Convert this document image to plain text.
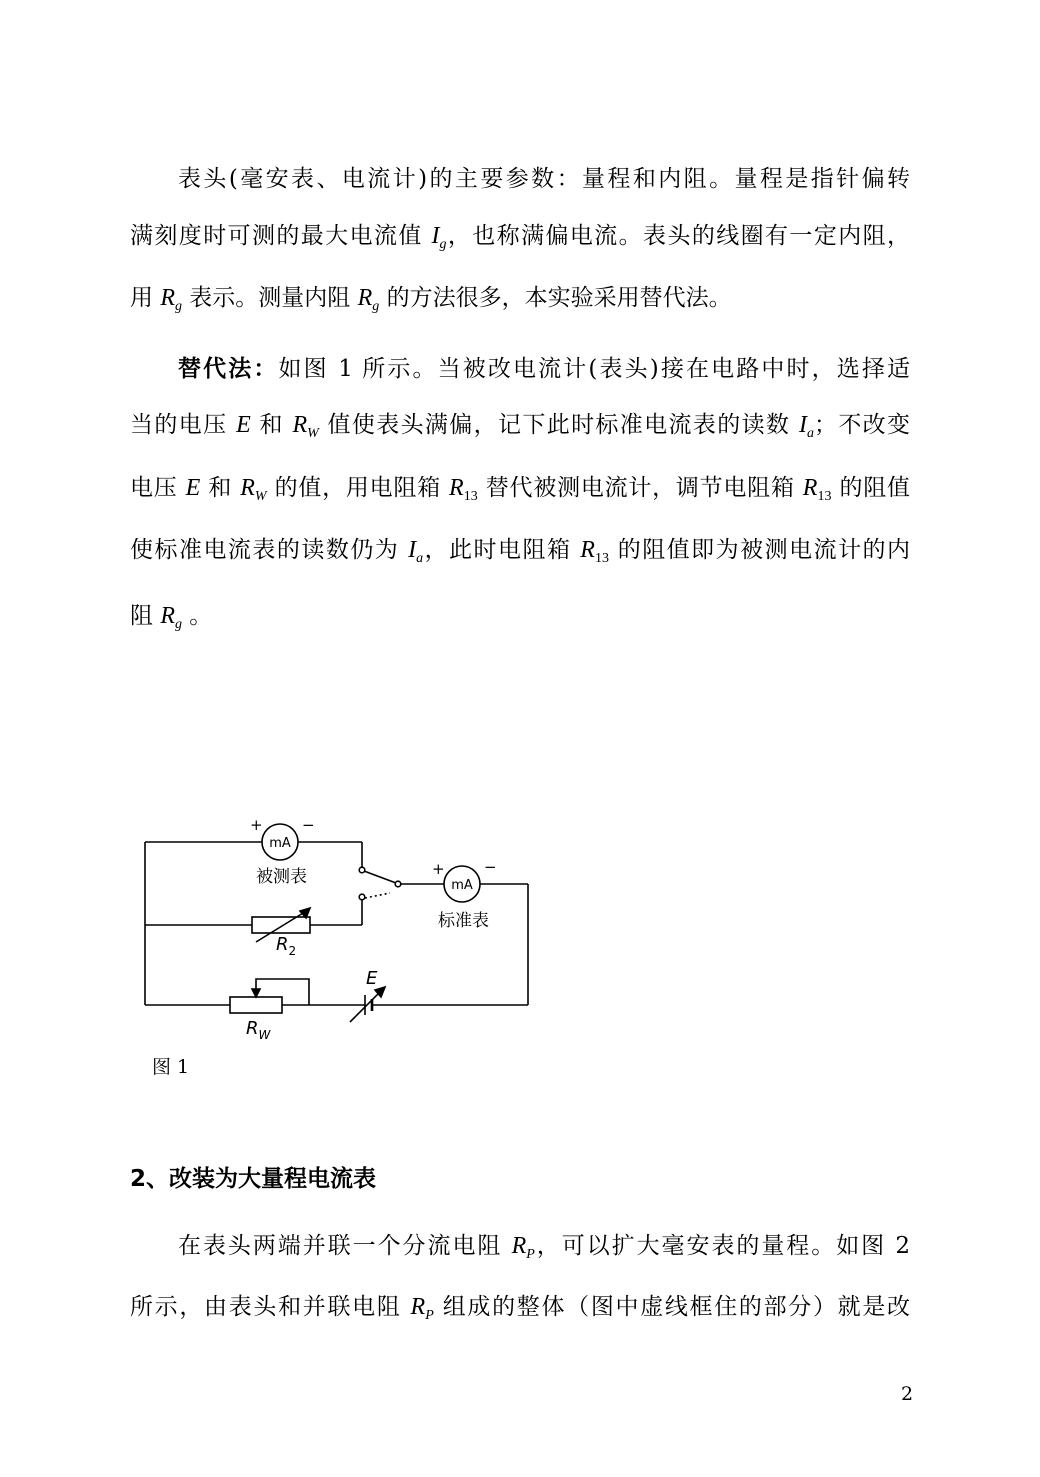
表头(毫安表、电流计)的主要参数：量程和内阻。量程是指针偏转
满刻度时可测的最大电流值 $I_g$，也称满偏电流。表头的线圈有一定内阻，
用 $R_g$ 表示。测量内阻 $R_g$ 的方法很多，本实验采用替代法。
替代法：如图 1 所示。当被改电流计(表头)接在电路中时，选择适
当的电压 E 和 $R_W$ 值使表头满偏，记下此时标准电流表的读数 $I_a$；不改变
电压 E 和 $R_W$ 的值，用电阻箱 $R_{13}$ 替代被测电流计，调节电阻箱 $R_{13}$ 的阻值
使标准电流表的读数仍为 $I_a$，此时电阻箱 $R_{13}$ 的阻值即为被测电流计的内
阻 $R_g$ 。
mA
mA
+	−
+	−
被测表
标准表
$R_2$
$R_W$
E
图 1
2、改装为大量程电流表
在表头两端并联一个分流电阻 $R_P$，可以扩大毫安表的量程。如图 2
所示，由表头和并联电阻 $R_P$ 组成的整体（图中虚线框住的部分）就是改
2
